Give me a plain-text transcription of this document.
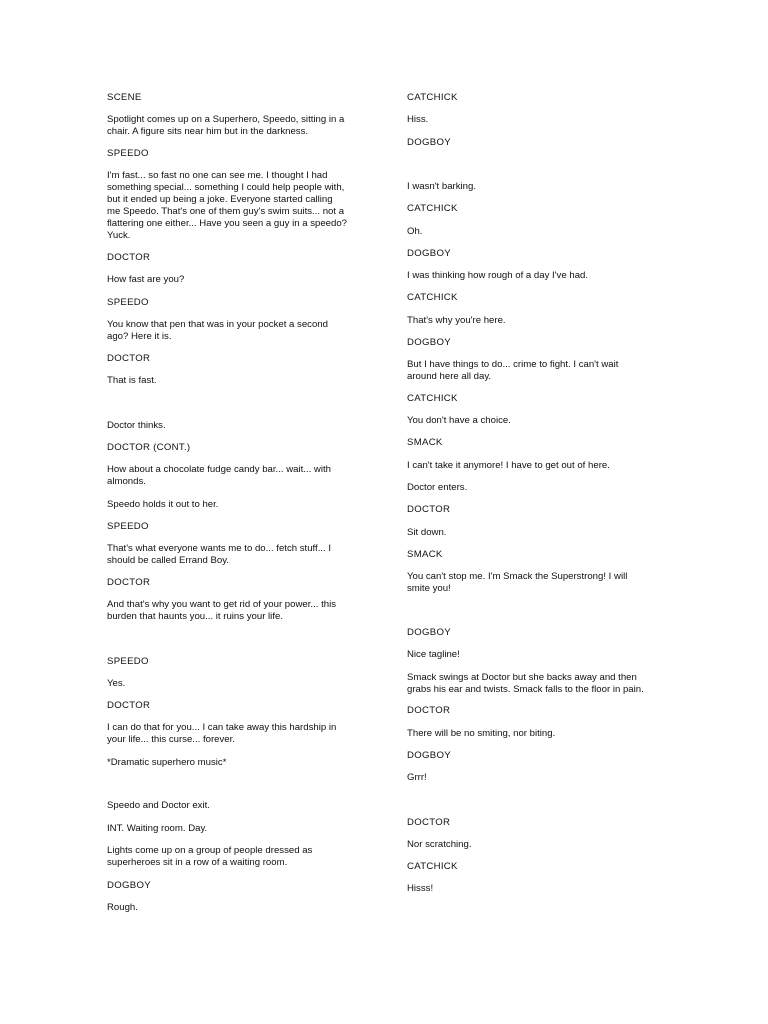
SCENE

Spotlight comes up on a Superhero, Speedo, sitting in a
chair. A figure sits near him but in the darkness.

SPEEDO

I'm fast... so fast no one can see me. I thought I had
something special... something I could help people with,
but it ended up being a joke. Everyone started calling
me Speedo. That's one of them guy's swim suits... not a
flattering one either... Have you seen a guy in a speedo?
Yuck.

DOCTOR

How fast are you?

SPEEDO

You know that pen that was in your pocket a second
ago? Here it is.

DOCTOR

That is fast.

Doctor thinks.

DOCTOR (CONT.)

How about a chocolate fudge candy bar... wait... with
almonds.

Speedo holds it out to her.

SPEEDO

That's what everyone wants me to do... fetch stuff... I
should be called Errand Boy.

DOCTOR

And that's why you want to get rid of your power... this
burden that haunts you... it ruins your life.

SPEEDO

Yes.

DOCTOR

I can do that for you... I can take away this hardship in
your life... this curse... forever.

*Dramatic superhero music*

Speedo and Doctor exit.

INT. Waiting room. Day.

Lights come up on a group of people dressed as
superheroes sit in a row of a waiting room.

DOGBOY

Rough.

CATCHICK

Hiss.

DOGBOY

I wasn't barking.

CATCHICK

Oh.

DOGBOY

I was thinking how rough of a day I've had.

CATCHICK

That's why you're here.

DOGBOY

But I have things to do... crime to fight. I can't wait
around here all day.

CATCHICK

You don't have a choice.

SMACK

I can't take it anymore! I have to get out of here.

Doctor enters.

DOCTOR

Sit down.

SMACK

You can't stop me. I'm Smack the Superstrong! I will
smite you!

DOGBOY

Nice tagline!

Smack swings at Doctor but she backs away and then
grabs his ear and twists. Smack falls to the floor in pain.

DOCTOR

There will be no smiting, nor biting.

DOGBOY

Grrr!

DOCTOR

Nor scratching.

CATCHICK

Hisss!
